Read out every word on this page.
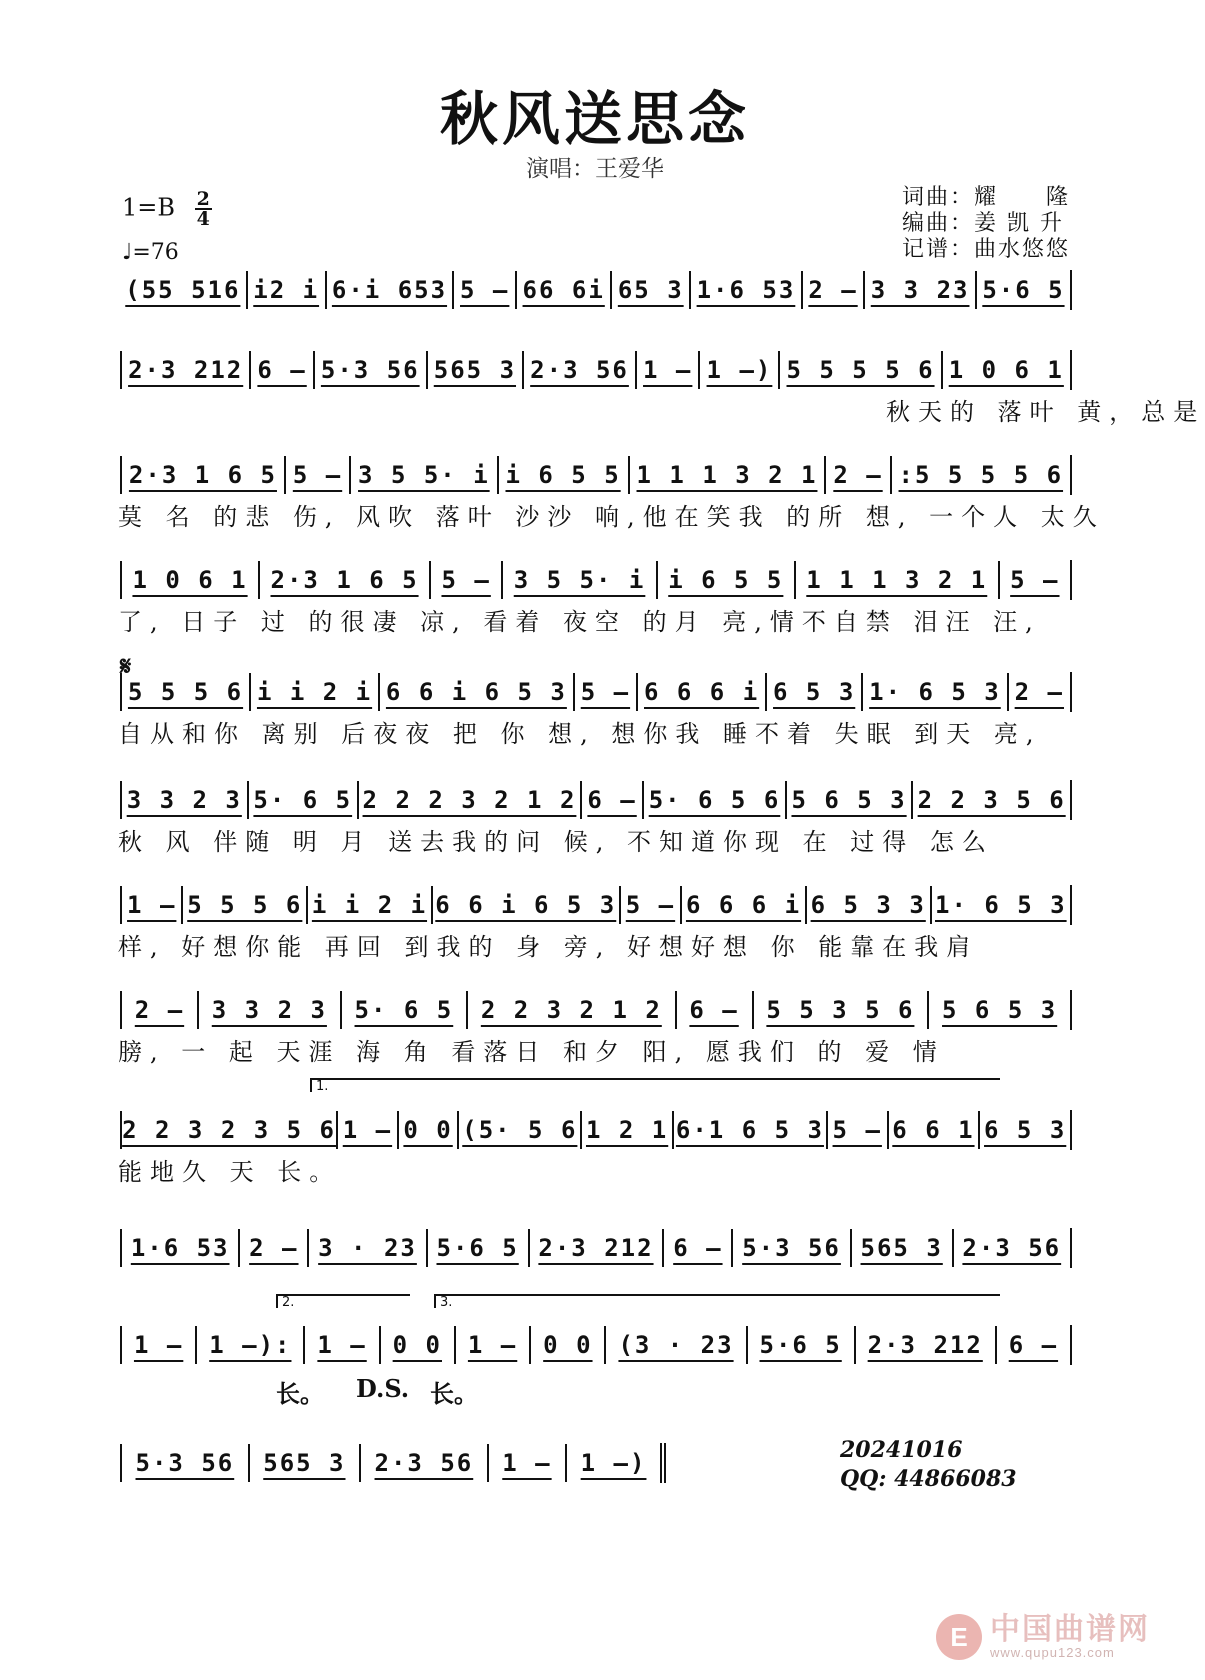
秋风送思念
演唱：王爱华
$1=B \frac{2}{4}$
♩=76
词曲：耀　　隆
编曲：姜 凯 升
记谱：曲水悠悠
𝄋
(55 516 i2 i 6·i 653 5 – 66 6i 65 3 1·6 53 2 – 3 3 23 5·6 5
2·3 212 6 – 5·3 56 565 3 2·3 56 1 – 1 –) 5 5 5 5 6 1 0 6 1
　　　　　　　　　　　　　　　　　　　　　　　　秋天的 落叶 黄，总是
2·3 1 6 5 5 – 3 5 5· i i 6 5 5 1 1 1 3 2 1 2 – :5 5 5 5 6
莫 名 的悲 伤, 风吹 落叶 沙沙 响,他在笑我 的所 想, 一个人 太久
1 0 6 1 2·3 1 6 5 5 – 3 5 5· i i 6 5 5 1 1 1 3 2 1 5 –
了, 日子 过 的很凄 凉, 看着 夜空 的月 亮,情不自禁 泪汪 汪,
5 5 5 6 i i 2 i 6 6 i 6 5 3 5 – 6 6 6 i 6 5 3 1· 6 5 3 2 –
自从和你 离别 后夜夜 把 你 想, 想你我 睡不着 失眠 到天 亮,
3 3 2 3 5· 6 5 2 2 2 3 2 1 2 6 – 5· 6 5 6 5 6 5 3 2 2 3 5 6
秋 风 伴随 明 月 送去我的问 候, 不知道你现 在 过得 怎么
1 – 5 5 5 6 i i 2 i 6 6 i 6 5 3 5 – 6 6 6 i 6 5 3 3 1· 6 5 3
样, 好想你能 再回 到我的 身 旁, 好想好想 你 能靠在我肩
2 –	3 3 2 3	5· 6 5	2 2 3 2 1 2	6 –	5 5 3 5 6	5 6 5 3
膀, 一 起 天涯 海 角 看落日 和夕 阳, 愿我们 的 爱 情
2 2 3 2 3 5 6 1 – 0 0 (5· 5 6 1 2 1 6·1 6 5 3 5 – 6 6 1 6 5 3
能地久 天 长。
1·6 53 2 – 3 · 23 5·6 5 2·3 212 6 – 5·3 56 565 3 2·3 56
1 –	1 –):	1 –	0 0	1 –	0 0	(3 · 23	5·6 5	2·3 212	6 –
5·3 56	565 3	2·3 56	1 –	1 –)
1.
2.	3.
长。 D.S. 长。
20241016
QQ: 44866083
E 中国曲谱网
www.qupu123.com
